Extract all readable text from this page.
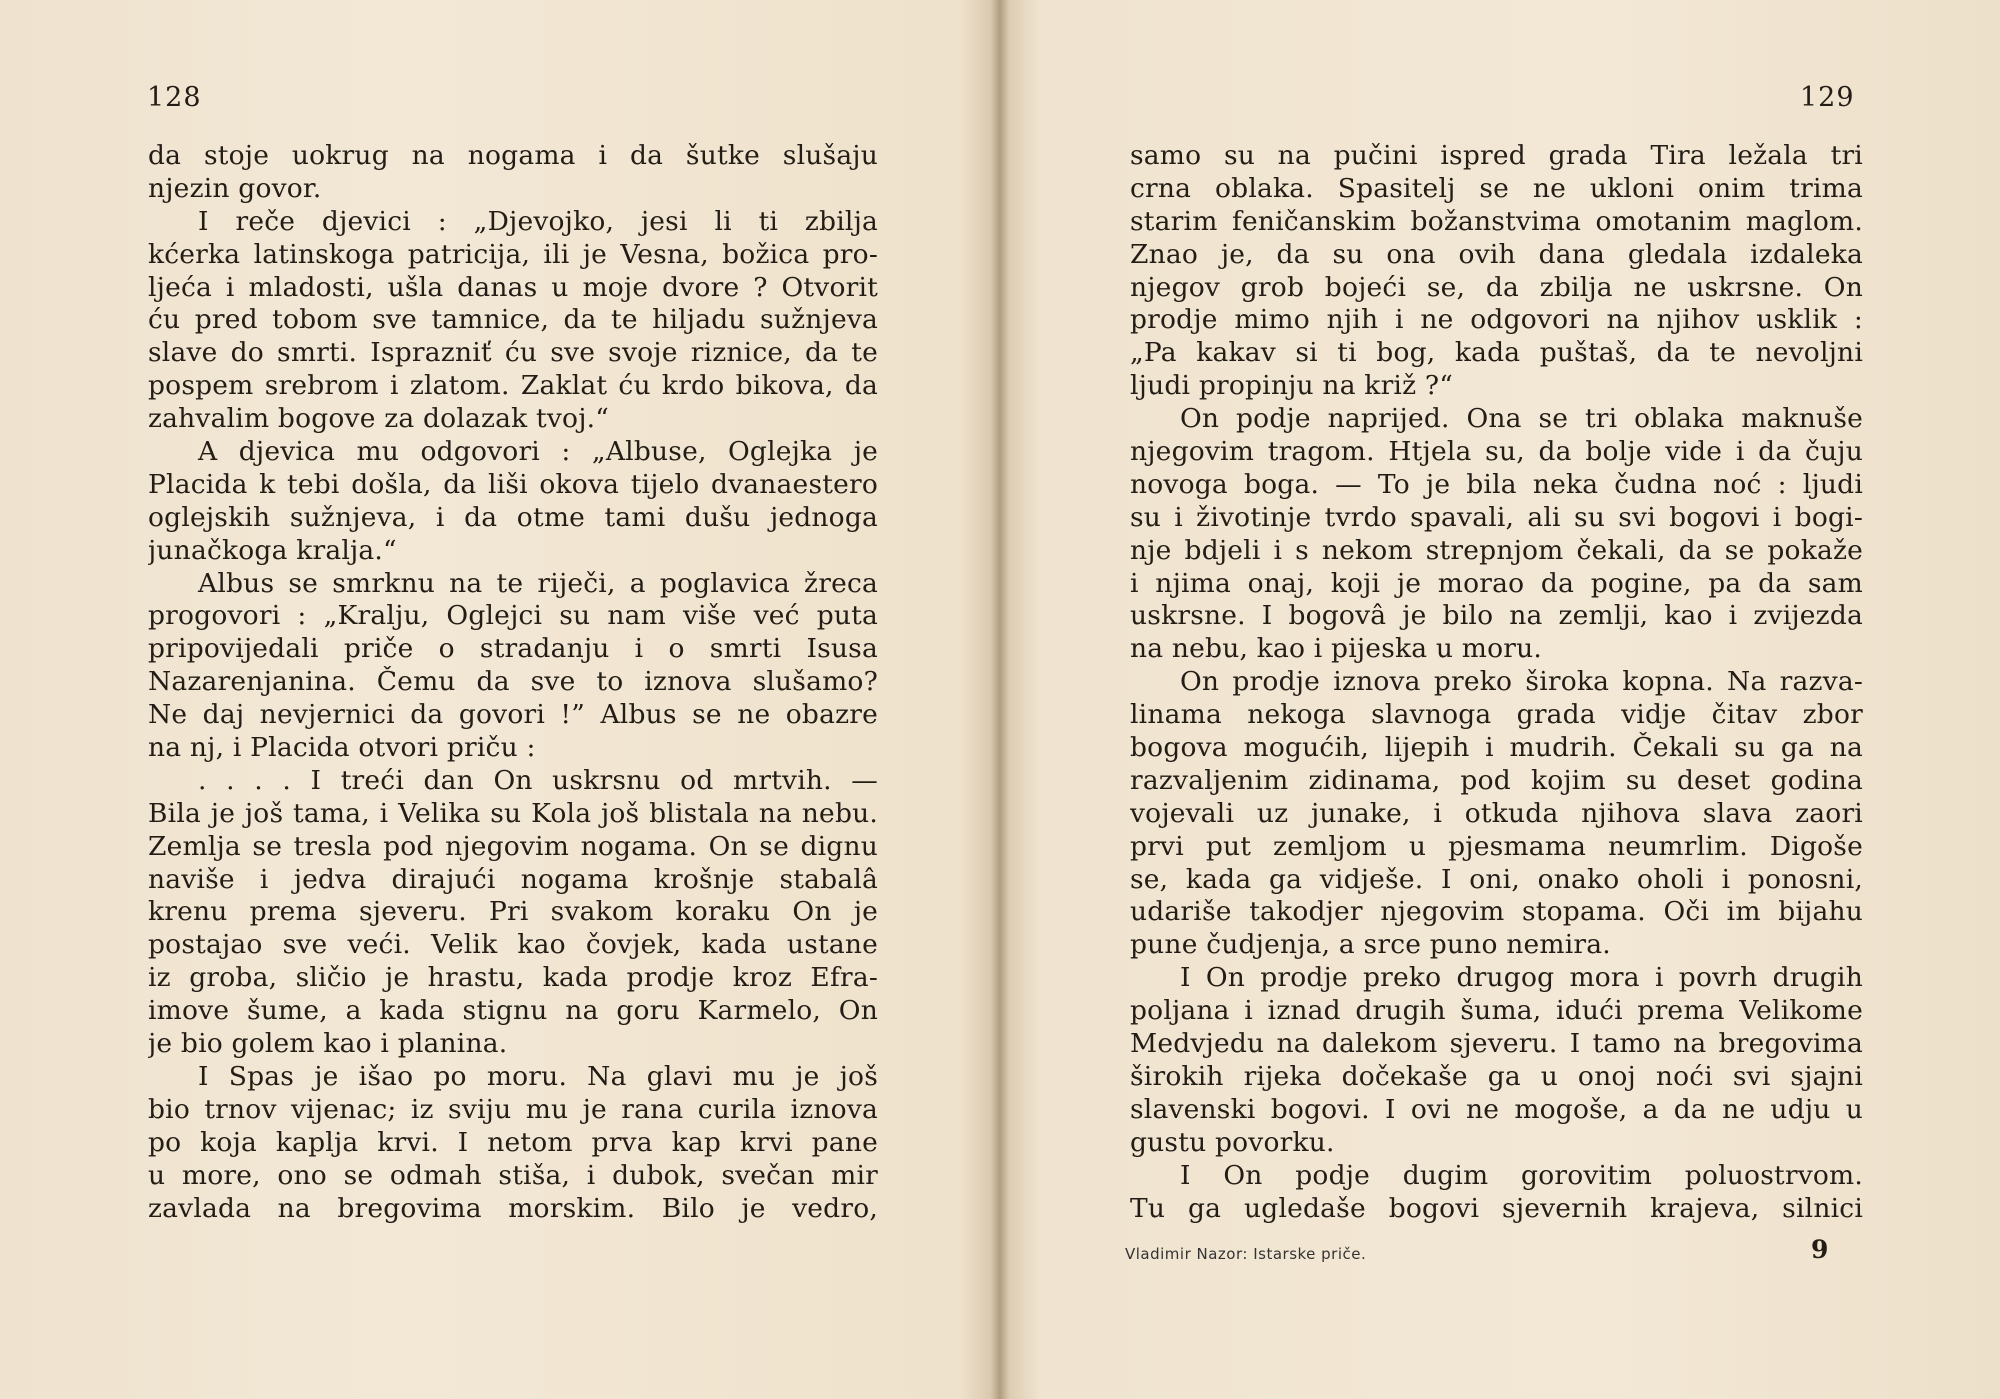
128
da stoje uokrug na nogama i da šutke slušaju
njezin govor.
I reče djevici : „Djevojko, jesi li ti zbilja
kćerka latinskoga patricija, ili je Vesna, božica pro-
ljeća i mladosti, ušla danas u moje dvore ? Otvorit
ću pred tobom sve tamnice, da te hiljadu sužnjeva
slave do smrti. Isprazniť ću sve svoje riznice, da te
pospem srebrom i zlatom. Zaklat ću krdo bikova, da
zahvalim bogove za dolazak tvoj.“
A djevica mu odgovori : „Albuse, Oglejka je
Placida k tebi došla, da liši okova tijelo dvanaestero
oglejskih sužnjeva, i da otme tami dušu jednoga
junačkoga kralja.“
Albus se smrknu na te riječi, a poglavica žreca
progovori : „Kralju, Oglejci su nam više već puta
pripovijedali priče o stradanju i o smrti Isusa
Nazarenjanina. Čemu da sve to iznova slušamo?
Ne daj nevjernici da govori !” Albus se ne obazre
na nj, i Placida otvori priču :
. . . . I treći dan On uskrsnu od mrtvih. —
Bila je još tama, i Velika su Kola još blistala na nebu.
Zemlja se tresla pod njegovim nogama. On se dignu
naviše i jedva dirajući nogama krošnje stabalâ
krenu prema sjeveru. Pri svakom koraku On je
postajao sve veći. Velik kao čovjek, kada ustane
iz groba, sličio je hrastu, kada prodje kroz Efra-
imove šume, a kada stignu na goru Karmelo, On
je bio golem kao i planina.
I Spas je išao po moru. Na glavi mu je još
bio trnov vijenac; iz sviju mu je rana curila iznova
po koja kaplja krvi. I netom prva kap krvi pane
u more, ono se odmah stiša, i dubok, svečan mir
zavlada na bregovima morskim. Bilo je vedro,
129
samo su na pučini ispred grada Tira ležala tri
crna oblaka. Spasitelj se ne ukloni onim trima
starim feničanskim božanstvima omotanim maglom.
Znao je, da su ona ovih dana gledala izdaleka
njegov grob bojeći se, da zbilja ne uskrsne. On
prodje mimo njih i ne odgovori na njihov usklik :
„Pa kakav si ti bog, kada puštaš, da te nevoljni
ljudi propinju na križ ?“
On podje naprijed. Ona se tri oblaka maknuše
njegovim tragom. Htjela su, da bolje vide i da čuju
novoga boga. — To je bila neka čudna noć : ljudi
su i životinje tvrdo spavali, ali su svi bogovi i bogi-
nje bdjeli i s nekom strepnjom čekali, da se pokaže
i njima onaj, koji je morao da pogine, pa da sam
uskrsne. I bogovâ je bilo na zemlji, kao i zvijezda
na nebu, kao i pijeska u moru.
On prodje iznova preko široka kopna. Na razva-
linama nekoga slavnoga grada vidje čitav zbor
bogova mogućih, lijepih i mudrih. Čekali su ga na
razvaljenim zidinama, pod kojim su deset godina
vojevali uz junake, i otkuda njihova slava zaori
prvi put zemljom u pjesmama neumrlim. Digoše
se, kada ga vidješe. I oni, onako oholi i ponosni,
udariše takodjer njegovim stopama. Oči im bijahu
pune čudjenja, a srce puno nemira.
I On prodje preko drugog mora i povrh drugih
poljana i iznad drugih šuma, idući prema Velikome
Medvjedu na dalekom sjeveru. I tamo na bregovima
širokih rijeka dočekaše ga u onoj noći svi sjajni
slavenski bogovi. I ovi ne mogoše, a da ne udju u
gustu povorku.
I On podje dugim gorovitim poluostrvom.
Tu ga ugledaše bogovi sjevernih krajeva, silnici
Vladimir Nazor: Istarske priče.	9
